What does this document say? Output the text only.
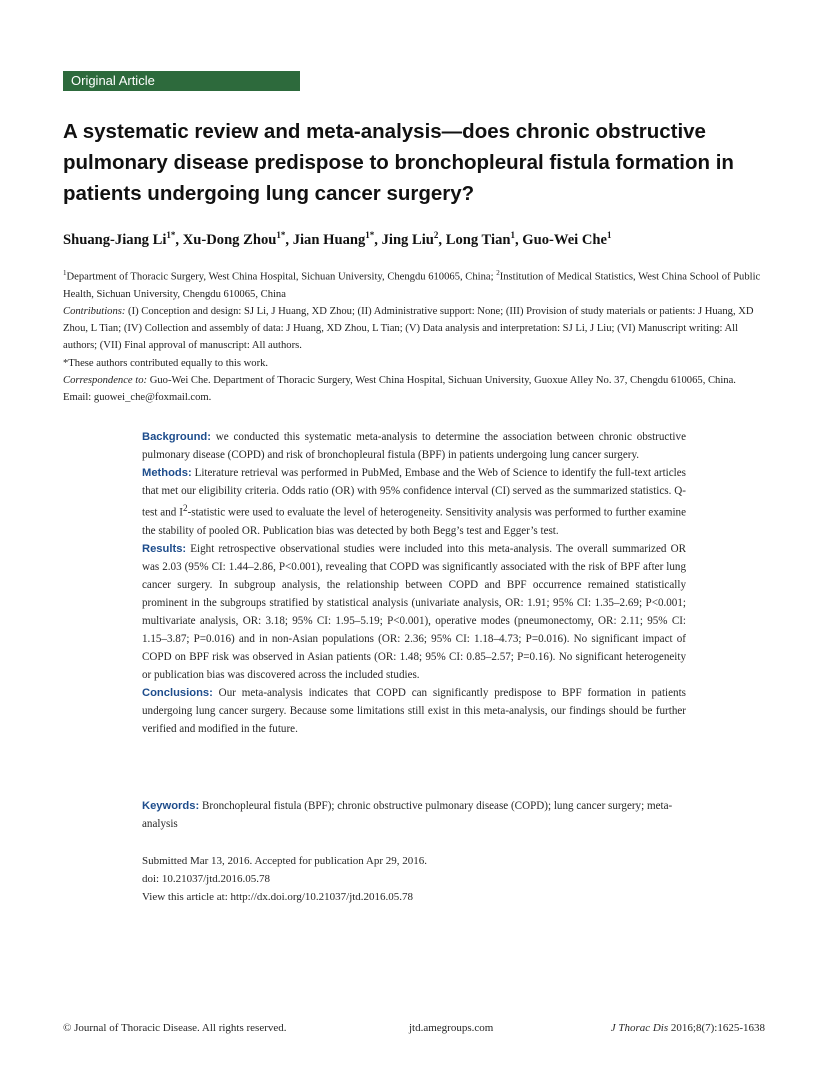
Original Article
A systematic review and meta-analysis—does chronic obstructive pulmonary disease predispose to bronchopleural fistula formation in patients undergoing lung cancer surgery?
Shuang-Jiang $Li^{1*}$, Xu-Dong Zhou$^{1*}$, Jian Huang$^{1*}$, Jing Liu$^2$, Long Tian$^1$, Guo-Wei Che$^1$

$^1$Department of Thoracic Surgery, West China Hospital, Sichuan University, Chengdu 610065, China; $^2$Institution of Medical Statistics, West China School of Public Health, Sichuan University, Chengdu 610065, China

Contributions: (I) Conception and design: SJ Li, J Huang, XD Zhou; (II) Administrative support: None; (III) Provision of study materials or patients: J Huang, XD Zhou, L Tian; (IV) Collection and assembly of data: J Huang, XD Zhou, L Tian; (V) Data analysis and interpretation: SJ Li, J Liu; (VI) Manuscript writing: All authors; (VII) Final approval of manuscript: All authors.

*These authors contributed equally to this work.

Correspondence to: Guo-Wei Che. Department of Thoracic Surgery, West China Hospital, Sichuan University, Guoxue Alley No. 37, Chengdu 610065, China. Email: guowei_che@foxmail.com.

Background: we conducted this systematic meta-analysis to determine the association between chronic obstructive pulmonary disease (COPD) and risk of bronchopleural fistula (BPF) in patients undergoing lung cancer surgery.

Methods: Literature retrieval was performed in PubMed, Embase and the Web of Science to identify the full-text articles that met our eligibility criteria. Odds ratio (OR) with 95% confidence interval (CI) served as the summarized statistics. Q-test and $I^2$-statistic were used to evaluate the level of heterogeneity. Sensitivity analysis was performed to further examine the stability of pooled OR. Publication bias was detected by both Begg’s test and Egger’s test.

Results: Eight retrospective observational studies were included into this meta-analysis. The overall summarized OR was 2.03 (95% CI: 1.44–2.86, P<0.001), revealing that COPD was significantly associated with the risk of BPF after lung cancer surgery. In subgroup analysis, the relationship between COPD and BPF occurrence remained statistically prominent in the subgroups stratified by statistical analysis (univariate analysis, OR: 1.91; 95% CI: 1.35–2.69; P<0.001; multivariate analysis, OR: 3.18; 95% CI: 1.95–5.19; P<0.001), operative modes (pneumonectomy, OR: 2.11; 95% CI: 1.15–3.87; P=0.016) and in non-Asian populations (OR: 2.36; 95% CI: 1.18–4.73; P=0.016). No significant impact of COPD on BPF risk was observed in Asian patients (OR: 1.48; 95% CI: 0.85–2.57; P=0.16). No significant heterogeneity or publication bias was discovered across the included studies.

Conclusions: Our meta-analysis indicates that COPD can significantly predispose to BPF formation in patients undergoing lung cancer surgery. Because some limitations still exist in this meta-analysis, our findings should be further verified and modified in the future.

Keywords: Bronchopleural fistula (BPF); chronic obstructive pulmonary disease (COPD); lung cancer surgery; meta-analysis

Submitted Mar 13, 2016. Accepted for publication Apr 29, 2016.
doi: 10.21037/jtd.2016.05.78
View this article at: http://dx.doi.org/10.21037/jtd.2016.05.78
© Journal of Thoracic Disease. All rights reserved.	jtd.amegroups.com	J Thorac Dis 2016;8(7):1625-1638
